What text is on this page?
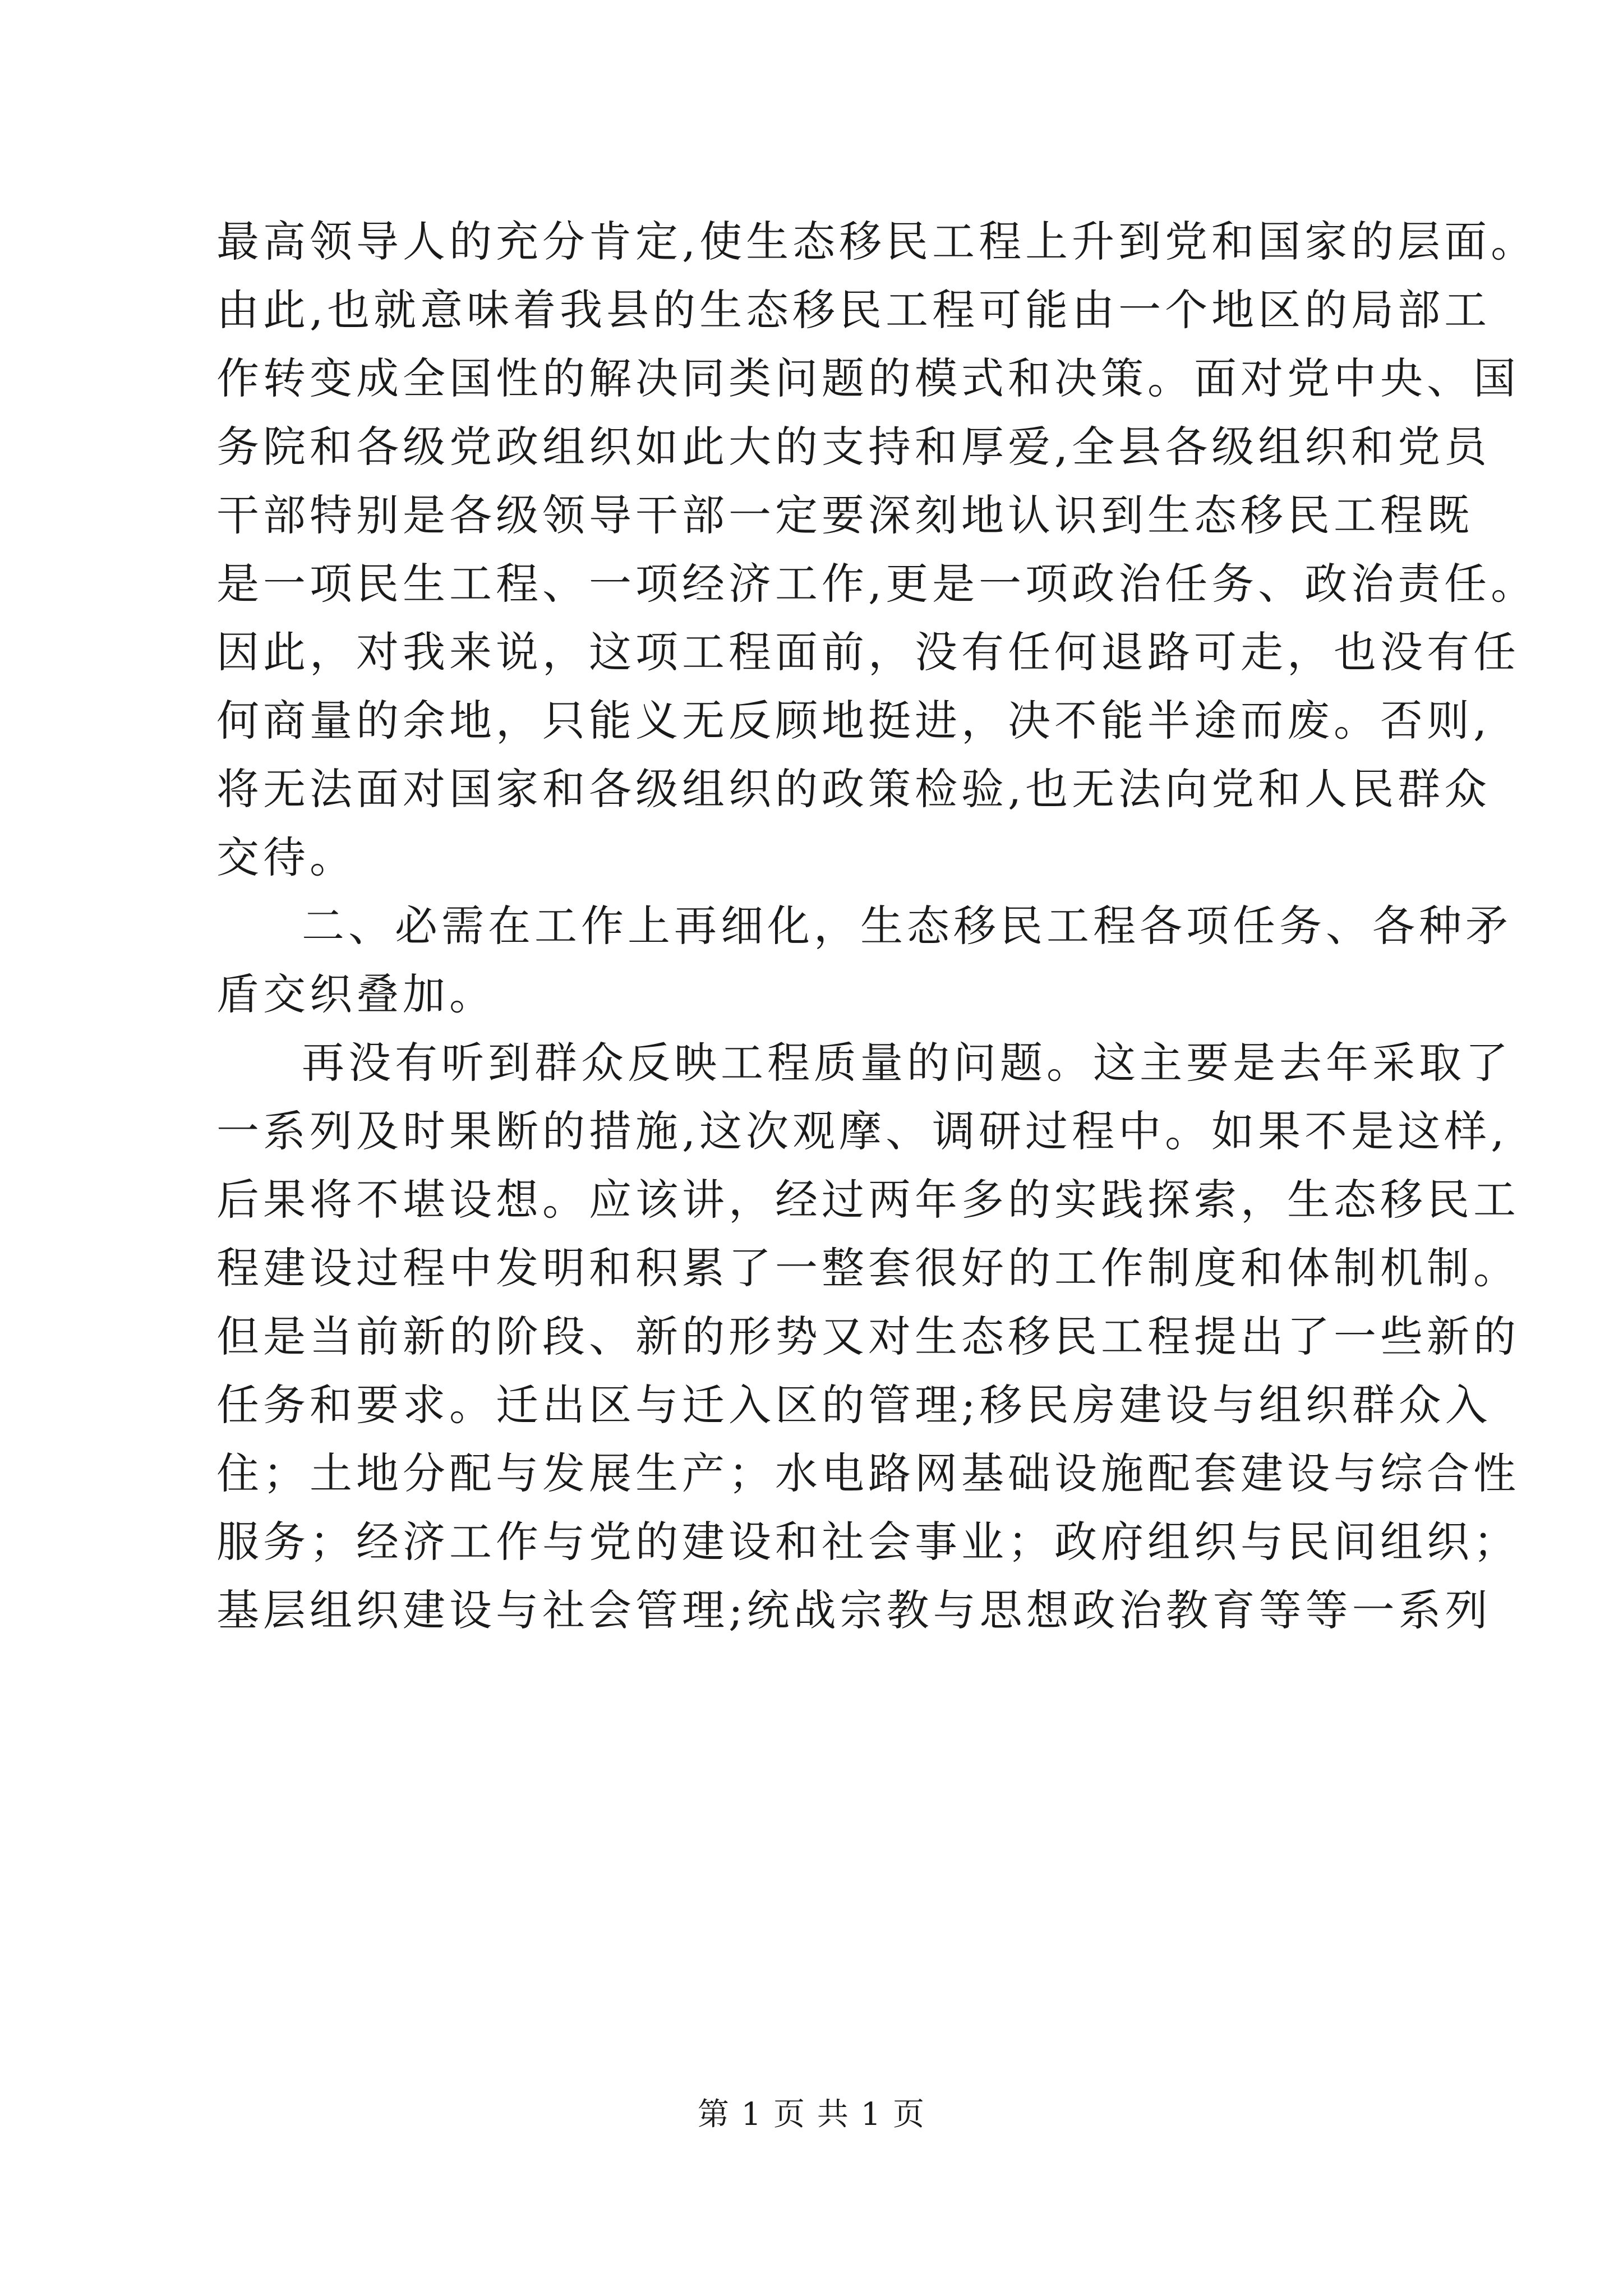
最高领导人的充分肯定,使生态移民工程上升到党和国家的层面。
由此,也就意味着我县的生态移民工程可能由一个地区的局部工
作转变成全国性的解决同类问题的模式和决策。面对党中央、国
务院和各级党政组织如此大的支持和厚爱,全县各级组织和党员
干部特别是各级领导干部一定要深刻地认识到生态移民工程既
是一项民生工程、一项经济工作,更是一项政治任务、政治责任。
因此，对我来说，这项工程面前，没有任何退路可走，也没有任
何商量的余地，只能义无反顾地挺进，决不能半途而废。否则,
将无法面对国家和各级组织的政策检验,也无法向党和人民群众
交待。
二、必需在工作上再细化，生态移民工程各项任务、各种矛
盾交织叠加。
再没有听到群众反映工程质量的问题。这主要是去年采取了
一系列及时果断的措施,这次观摩、调研过程中。如果不是这样,
后果将不堪设想。应该讲，经过两年多的实践探索，生态移民工
程建设过程中发明和积累了一整套很好的工作制度和体制机制。
但是当前新的阶段、新的形势又对生态移民工程提出了一些新的
任务和要求。迁出区与迁入区的管理;移民房建设与组织群众入
住；土地分配与发展生产；水电路网基础设施配套建设与综合性
服务；经济工作与党的建设和社会事业；政府组织与民间组织；
基层组织建设与社会管理;统战宗教与思想政治教育等等一系列
第 1 页 共 1 页
